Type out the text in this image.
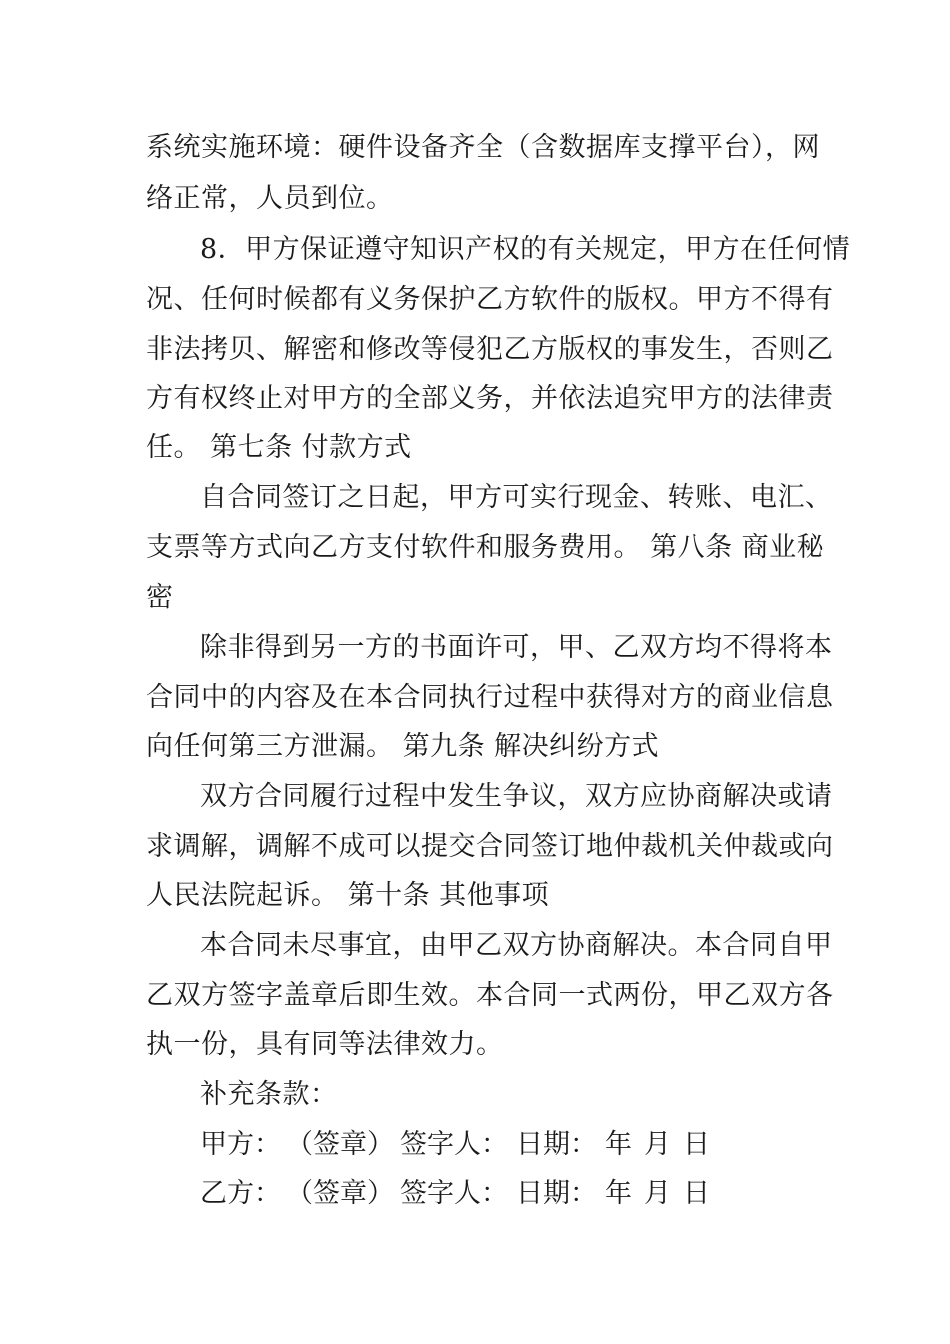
系统实施环境：硬件设备齐全（含数据库支撑平台），网
络正常，人员到位。
8．甲方保证遵守知识产权的有关规定，甲方在任何情
况、任何时候都有义务保护乙方软件的版权。甲方不得有
非法拷贝、解密和修改等侵犯乙方版权的事发生，否则乙
方有权终止对甲方的全部义务，并依法追究甲方的法律责
任。 第七条 付款方式
自合同签订之日起，甲方可实行现金、转账、电汇、
支票等方式向乙方支付软件和服务费用。 第八条 商业秘
密
除非得到另一方的书面许可，甲、乙双方均不得将本
合同中的内容及在本合同执行过程中获得对方的商业信息
向任何第三方泄漏。 第九条 解决纠纷方式
双方合同履行过程中发生争议，双方应协商解决或请
求调解，调解不成可以提交合同签订地仲裁机关仲裁或向
人民法院起诉。 第十条 其他事项
本合同未尽事宜，由甲乙双方协商解决。本合同自甲
乙双方签字盖章后即生效。本合同一式两份，甲乙双方各
执一份，具有同等法律效力。
补充条款：
甲方： （签章） 签字人： 日期： 年 月 日
乙方： （签章） 签字人： 日期： 年 月 日
